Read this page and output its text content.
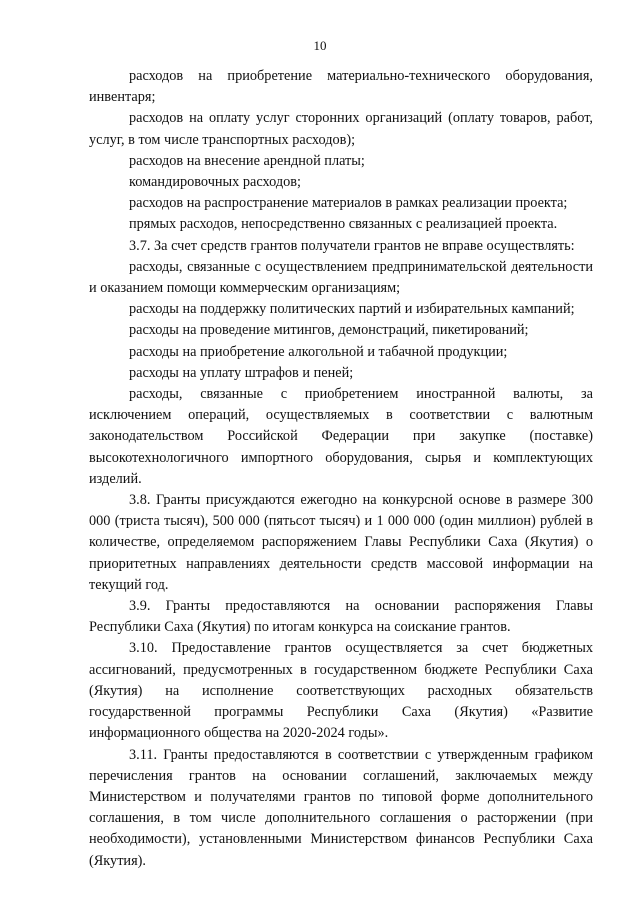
10

расходов на приобретение материально-технического оборудования, инвентаря;

расходов на оплату услуг сторонних организаций (оплату товаров, работ, услуг, в том числе транспортных расходов);

расходов на внесение арендной платы;

командировочных расходов;

расходов на распространение материалов в рамках реализации проекта;

прямых расходов, непосредственно связанных с реализацией проекта.

3.7. За счет средств грантов получатели грантов не вправе осуществлять:

расходы, связанные с осуществлением предпринимательской деятельности и оказанием помощи коммерческим организациям;

расходы на поддержку политических партий и избирательных кампаний;

расходы на проведение митингов, демонстраций, пикетирований;

расходы на приобретение алкогольной и табачной продукции;

расходы на уплату штрафов и пеней;

расходы, связанные с приобретением иностранной валюты, за исключением операций, осуществляемых в соответствии с валютным законодательством Российской Федерации при закупке (поставке) высокотехнологичного импортного оборудования, сырья и комплектующих изделий.

3.8. Гранты присуждаются ежегодно на конкурсной основе в размере 300 000 (триста тысяч), 500 000 (пятьсот тысяч) и 1 000 000 (один миллион) рублей в количестве, определяемом распоряжением Главы Республики Саха (Якутия) о приоритетных направлениях деятельности средств массовой информации на текущий год.

3.9. Гранты предоставляются на основании распоряжения Главы Республики Саха (Якутия) по итогам конкурса на соискание грантов.

3.10. Предоставление грантов осуществляется за счет бюджетных ассигнований, предусмотренных в государственном бюджете Республики Саха (Якутия) на исполнение соответствующих расходных обязательств государственной программы Республики Саха (Якутия) «Развитие информационного общества на 2020-2024 годы».

3.11. Гранты предоставляются в соответствии с утвержденным графиком перечисления грантов на основании соглашений, заключаемых между Министерством и получателями грантов по типовой форме дополнительного соглашения, в том числе дополнительного соглашения о расторжении (при необходимости), установленными Министерством финансов Республики Саха (Якутия).
